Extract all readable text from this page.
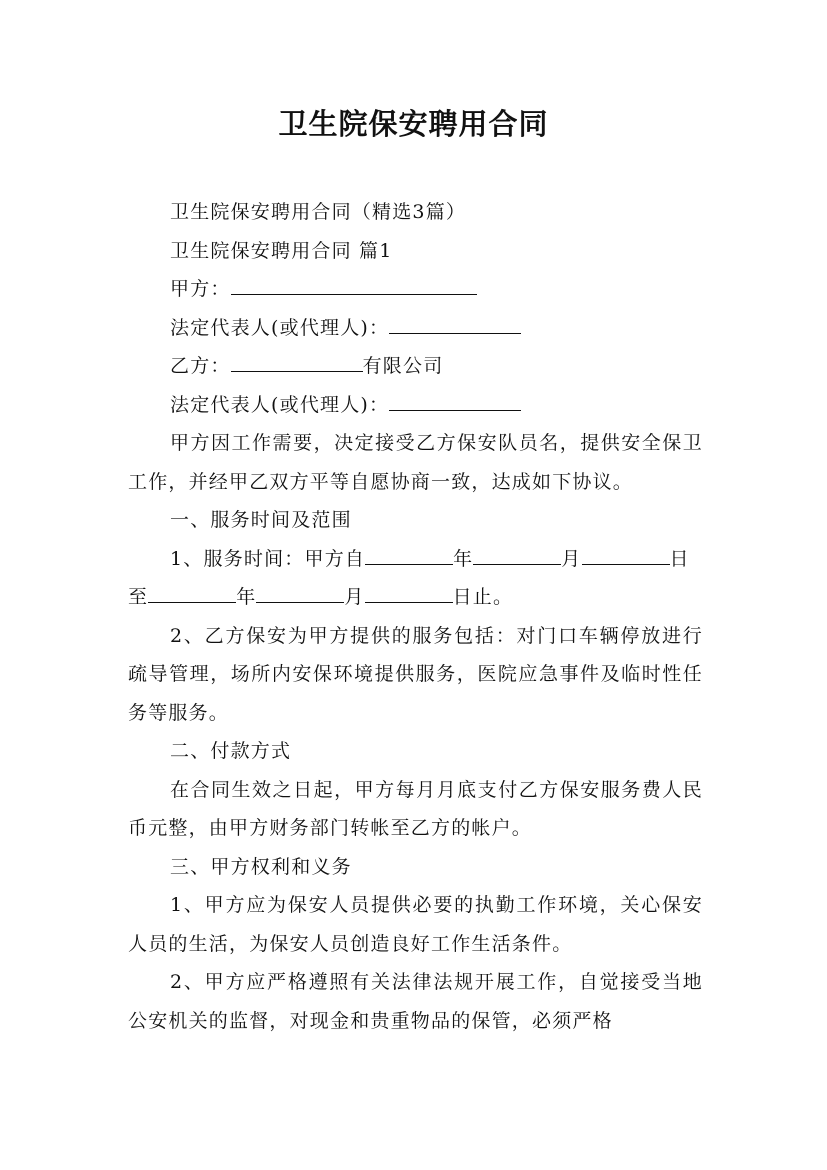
卫生院保安聘用合同

卫生院保安聘用合同（精选3篇）

卫生院保安聘用合同 篇1

甲方：

法定代表人(或代理人)：

乙方：	有限公司

法定代表人(或代理人)：

甲方因工作需要，决定接受乙方保安队员名，提供安全保卫工作，并经甲乙双方平等自愿协商一致，达成如下协议。

一、服务时间及范围

1、服务时间：甲方自	年	月	日至	年	月	日止。

2、乙方保安为甲方提供的服务包括：对门口车辆停放进行疏导管理，场所内安保环境提供服务，医院应急事件及临时性任务等服务。

二、付款方式

在合同生效之日起，甲方每月月底支付乙方保安服务费人民币元整，由甲方财务部门转帐至乙方的帐户。

三、甲方权利和义务

1、甲方应为保安人员提供必要的执勤工作环境，关心保安人员的生活，为保安人员创造良好工作生活条件。

2、甲方应严格遵照有关法律法规开展工作，自觉接受当地公安机关的监督，对现金和贵重物品的保管，必须严格
